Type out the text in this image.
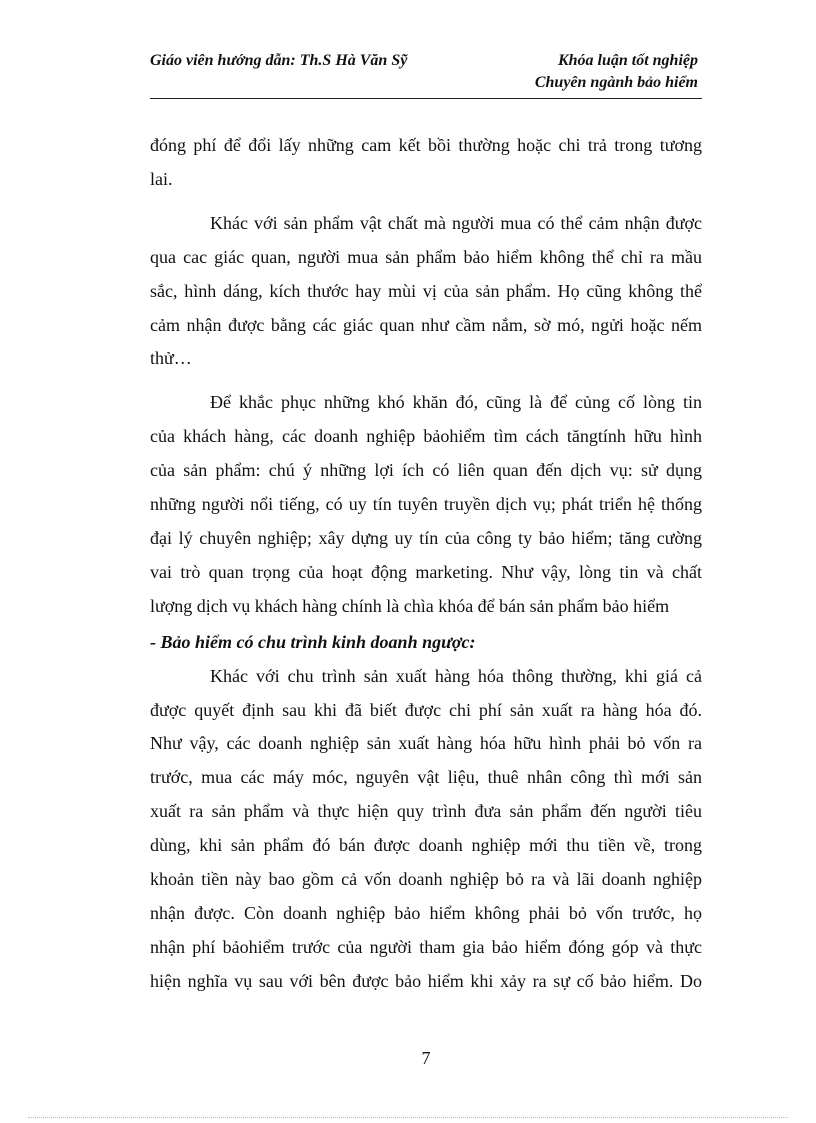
Giáo viên hướng dẫn: Th.S Hà Văn Sỹ	Khóa luận tốt nghiệp
Chuyên ngành bảo hiểm
đóng phí để đổi lấy những cam kết bồi thường hoặc chi trả trong tương
lai.
Khác với sản phẩm vật chất mà người mua có thể cảm nhận được
qua cac giác quan, người mua sản phẩm bảo hiểm không thể chỉ ra mầu
sắc, hình dáng, kích thước hay mùi vị của sản phẩm. Họ cũng không thể
cảm nhận được bằng các giác quan như cầm nắm, sờ mó, ngửi hoặc nếm
thử…
Để khắc phục những khó khăn đó, cũng là để củng cố lòng tin
của khách hàng, các doanh nghiệp bảohiểm tìm cách tăngtính hữu hình
của sản phẩm: chú ý những lợi ích có liên quan đến dịch vụ: sử dụng
những người nổi tiếng, có uy tín tuyên truyền dịch vụ; phát triển hệ thống
đại lý chuyên nghiệp; xây dựng uy tín của công ty bảo hiểm; tăng cường
vai trò quan trọng của hoạt động marketing. Như vậy, lòng tin và chất
lượng dịch vụ khách hàng chính là chìa khóa để bán sản phẩm bảo hiểm
- Bảo hiểm có chu trình kinh doanh ngược:
Khác với chu trình sản xuất hàng hóa thông thường, khi giá cả
được quyết định sau khi đã biết được chi phí sản xuất ra hàng hóa đó.
Như vậy, các doanh nghiệp sản xuất hàng hóa hữu hình phải bỏ vốn ra
trước, mua các máy móc, nguyên vật liệu, thuê nhân công thì mới sản
xuất ra sản phẩm và thực hiện quy trình đưa sản phẩm đến người tiêu
dùng, khi sản phẩm đó bán được doanh nghiệp mới thu tiền về, trong
khoản tiền này bao gồm cả vốn doanh nghiệp bỏ ra và lãi doanh nghiệp
nhận được. Còn doanh nghiệp bảo hiểm không phải bỏ vốn trước, họ
nhận phí bảohiểm trước của người tham gia bảo hiểm đóng góp và thực
hiện nghĩa vụ sau với bên được bảo hiểm khi xảy ra sự cố bảo hiểm. Do
7
